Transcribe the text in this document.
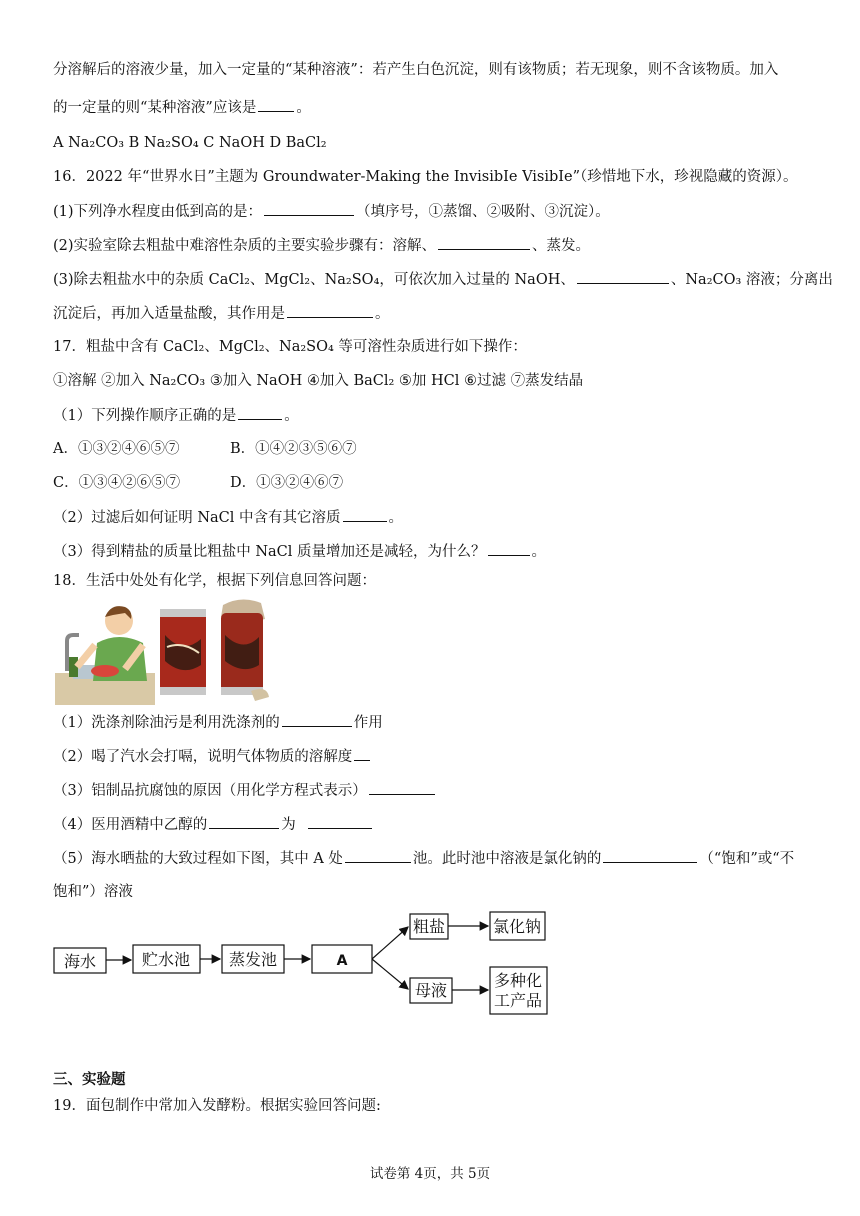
分溶解后的溶液少量，加入一定量的“某种溶液”：若产生白色沉淀，则有该物质；若无现象，则不含该物质。加入
的一定量的则“某种溶液”应该是	。
A Na₂CO₃ B Na₂SO₄ C NaOH D BaCl₂
16．2022 年“世界水日”主题为 Groundwater-Making the InvisibIe VisibIe”（珍惜地下水，珍视隐藏的资源）。
(1)下列净水程度由低到高的是：	（填序号，①蒸馏、②吸附、③沉淀）。
(2)实验室除去粗盐中难溶性杂质的主要实验步骤有：溶解、	、蒸发。
(3)除去粗盐水中的杂质 CaCl₂、MgCl₂、Na₂SO₄，可依次加入过量的 NaOH、	、Na₂CO₃ 溶液；分离出
沉淀后，再加入适量盐酸，其作用是	。
17．粗盐中含有 CaCl₂、MgCl₂、Na₂SO₄ 等可溶性杂质进行如下操作：
①溶解 ②加入 Na₂CO₃ ③加入 NaOH ④加入 BaCl₂ ⑤加 HCl ⑥过滤 ⑦蒸发结晶
（1）下列操作顺序正确的是	。
A．①③②④⑥⑤⑦	B．①④②③⑤⑥⑦
C．①③④②⑥⑤⑦	D．①③②④⑥⑦
（2）过滤后如何证明 NaCl 中含有其它溶质	。
（3）得到精盐的质量比粗盐中 NaCl 质量增加还是减轻，为什么？	。
18．生活中处处有化学，根据下列信息回答问题：
（1）洗涤剂除油污是利用洗涤剂的	作用
（2）喝了汽水会打嗝，说明气体物质的溶解度
（3）铝制品抗腐蚀的原因（用化学方程式表示）
（4）医用酒精中乙醇的	为
（5）海水晒盐的大致过程如下图，其中 A 处	池。此时池中溶液是氯化钠的	（“饱和”或“不
饱和”）溶液
海水	贮水池 蒸发池	A
粗盐	氯化钠
母液
多种化
工产品
三、实验题
19．面包制作中常加入发酵粉。根据实验回答问题:
试卷第 4页，共 5页
